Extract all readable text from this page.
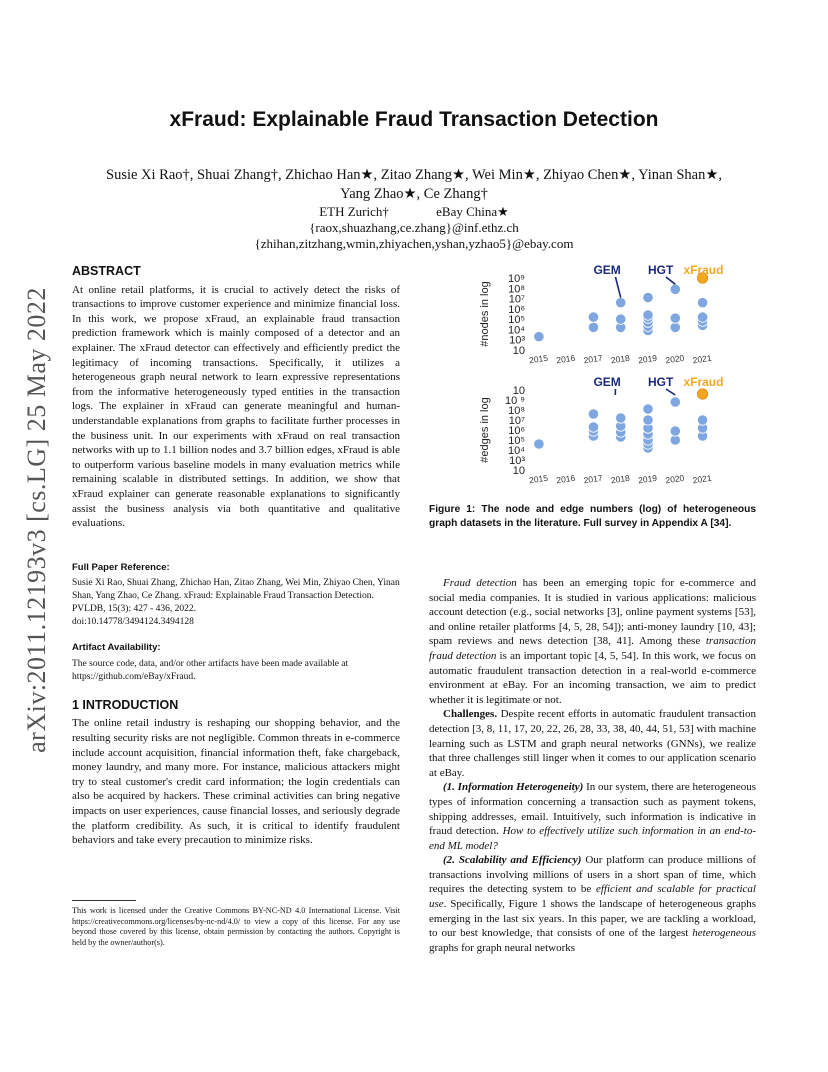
arXiv:2011.12193v3 [cs.LG] 25 May 2022
xFraud: Explainable Fraud Transaction Detection
Susie Xi Rao†, Shuai Zhang†, Zhichao Han★, Zitao Zhang★, Wei Min★, Zhiyao Chen★, Yinan Shan★,
Yang Zhao★, Ce Zhang†
ETH Zurich†	eBay China★
{raox,shuazhang,ce.zhang}@inf.ethz.ch
{zhihan,zitzhang,wmin,zhiyachen,yshan,yzhao5}@ebay.com
ABSTRACT

At online retail platforms, it is crucial to actively detect the risks of transactions to improve customer experience and minimize financial loss. In this work, we propose xFraud, an explainable fraud transaction prediction framework which is mainly composed of a detector and an explainer. The xFraud detector can effectively and efficiently predict the legitimacy of incoming transactions. Specifically, it utilizes a heterogeneous graph neural network to learn expressive representations from the informative heterogeneously typed entities in the transaction logs. The explainer in xFraud can generate meaningful and human-understandable explanations from graphs to facilitate further processes in the business unit. In our experiments with xFraud on real transaction networks with up to 1.1 billion nodes and 3.7 billion edges, xFraud is able to outperform various baseline models in many evaluation metrics while remaining scalable in distributed settings. In addition, we show that xFraud explainer can generate reasonable explanations to significantly assist the business analysis via both quantitative and qualitative evaluations.

Full Paper Reference:

Susie Xi Rao, Shuai Zhang, Zhichao Han, Zitao Zhang, Wei Min, Zhiyao Chen, Yinan Shan, Yang Zhao, Ce Zhang. xFraud: Explainable Fraud Transaction Detection. PVLDB, 15(3): 427 - 436, 2022.

doi:10.14778/3494124.3494128

Artifact Availability:

The source code, data, and/or other artifacts have been made available at https://github.com/eBay/xFraud.

1 INTRODUCTION

The online retail industry is reshaping our shopping behavior, and the resulting security risks are not negligible. Common threats in e-commerce include account acquisition, financial information theft, fake chargeback, money laundry, and many more. For instance, malicious attackers might try to steal customer's credit card information; the login credentials can also be acquired by hackers. These criminal activities can bring negative impacts on user experiences, cause financial losses, and seriously degrade the platform credibility. As such, it is critical to identify fraudulent behaviors and take every precaution to minimize risks.

This work is licensed under the Creative Commons BY-NC-ND 4.0 International License. Visit https://creativecommons.org/licenses/by-nc-nd/4.0/ to view a copy of this license. For any use beyond those covered by this license, obtain permission by contacting the authors. Copyright is held by the owner/author(s).
#nodes in log
10
10³
10⁴
10⁵
10⁶
10⁷
10⁸
10⁹
2015 2016 2017 2018 2019 2020 2021
GEM HGT xFraud
#edges in log
10
10³
10⁴
10⁵
10⁶
10⁷
10⁸
10 ⁹
10
2015 2016 2017 2018 2019 2020 2021
GEM HGT xFraud
Figure 1: The node and edge numbers (log) of heterogeneous graph datasets in the literature. Full survey in Appendix A [34].

Fraud detection has been an emerging topic for e-commerce and social media companies. It is studied in various applications: malicious account detection (e.g., social networks [3], online payment systems [53], and online retailer platforms [4, 5, 28, 54]); anti-money laundry [10, 43]; spam reviews and news detection [38, 41]. Among these transaction fraud detection is an important topic [4, 5, 54]. In this work, we focus on automatic fraudulent transaction detection in a real-world e-commerce environment at eBay. For an incoming transaction, we aim to predict whether it is legitimate or not.

Challenges. Despite recent efforts in automatic fraudulent transaction detection [3, 8, 11, 17, 20, 22, 26, 28, 33, 38, 40, 44, 51, 53] with machine learning such as LSTM and graph neural networks (GNNs), we realize that three challenges still linger when it comes to our application scenario at eBay.

(1. Information Heterogeneity) In our system, there are heterogeneous types of information concerning a transaction such as payment tokens, shipping addresses, email. Intuitively, such information is indicative in fraud detection. How to effectively utilize such information in an end-to-end ML model?

(2. Scalability and Efficiency) Our platform can produce millions of transactions involving millions of users in a short span of time, which requires the detecting system to be efficient and scalable for practical use. Specifically, Figure 1 shows the landscape of heterogeneous graphs emerging in the last six years. In this paper, we are tackling a workload, to our best knowledge, that consists of one of the largest heterogeneous graphs for graph neural networks
